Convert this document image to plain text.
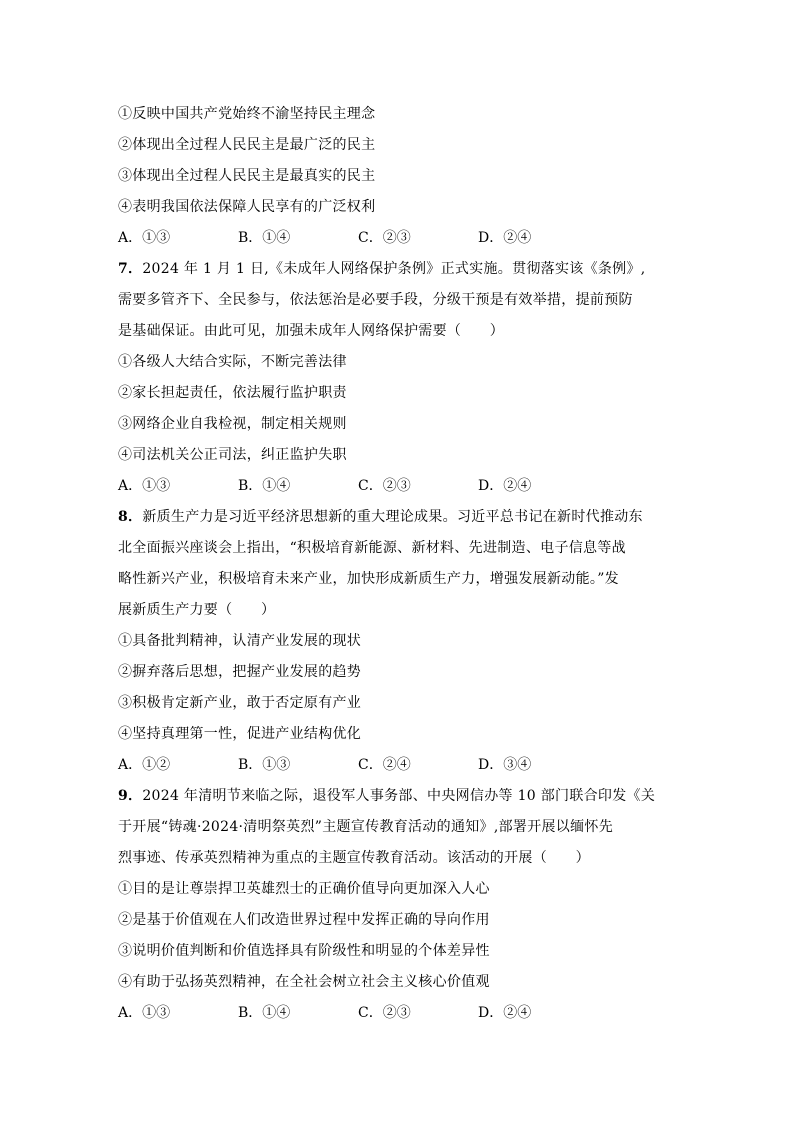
①反映中国共产党始终不渝坚持民主理念
②体现出全过程人民民主是最广泛的民主
③体现出全过程人民民主是最真实的民主
④表明我国依法保障人民享有的广泛权利
A．①③	B．①④	C．②③	D．②④
7．2024 年 1 月 1 日,《未成年人网络保护条例》正式实施。贯彻落实该《条例》,
需要多管齐下、全民参与，依法惩治是必要手段，分级干预是有效举措，提前预防
是基础保证。由此可见，加强未成年人网络保护需要（　　）
①各级人大结合实际，不断完善法律
②家长担起责任，依法履行监护职责
③网络企业自我检视，制定相关规则
④司法机关公正司法，纠正监护失职
A．①③	B．①④	C．②③	D．②④
8．新质生产力是习近平经济思想新的重大理论成果。习近平总书记在新时代推动东
北全面振兴座谈会上指出，“积极培育新能源、新材料、先进制造、电子信息等战
略性新兴产业，积极培育未来产业，加快形成新质生产力，增强发展新动能。”发
展新质生产力要（　　）
①具备批判精神，认清产业发展的现状
②摒弃落后思想，把握产业发展的趋势
③积极肯定新产业，敢于否定原有产业
④坚持真理第一性，促进产业结构优化
A．①②	B．①③	C．②④	D．③④
9．2024 年清明节来临之际，退役军人事务部、中央网信办等 10 部门联合印发《关
于开展“铸魂·2024·清明祭英烈”主题宣传教育活动的通知》,部署开展以缅怀先
烈事迹、传承英烈精神为重点的主题宣传教育活动。该活动的开展（　　）
①目的是让尊崇捍卫英雄烈士的正确价值导向更加深入人心
②是基于价值观在人们改造世界过程中发挥正确的导向作用
③说明价值判断和价值选择具有阶级性和明显的个体差异性
④有助于弘扬英烈精神，在全社会树立社会主义核心价值观
A．①③	B．①④	C．②③	D．②④
